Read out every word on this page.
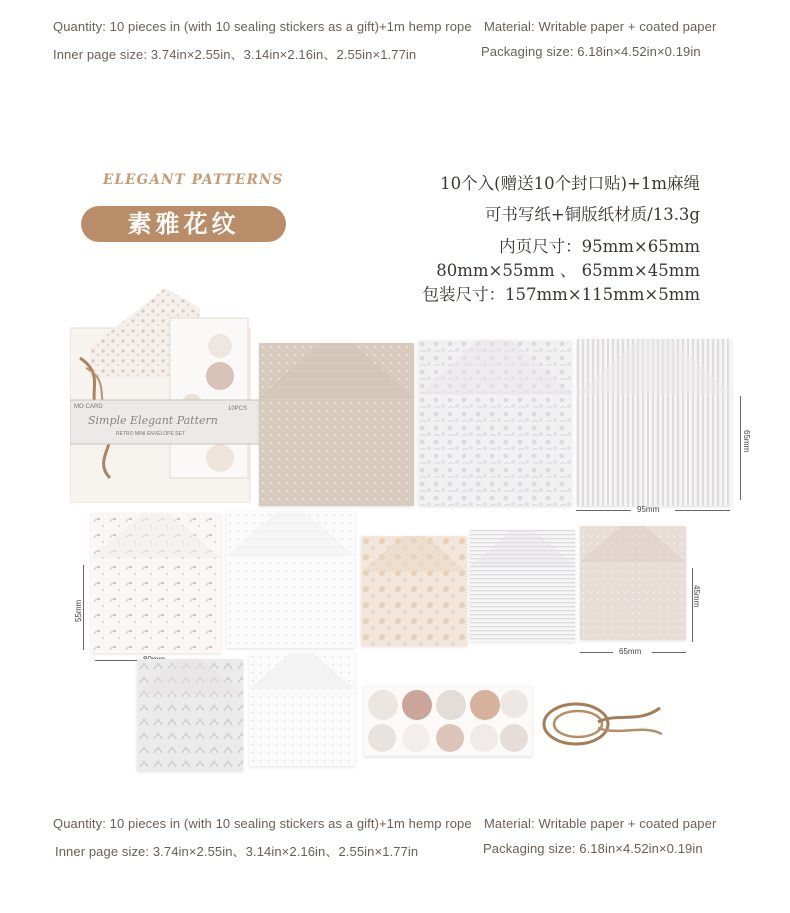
Quantity: 10 pieces in (with 10 sealing stickers as a gift)+1m hemp rope Material: Writable paper + coated paper
Inner page size: 3.74in×2.55in、3.14in×2.16in、2.55in×1.77in	Packaging size: 6.18in×4.52in×0.19in
ELEGANT PATTERNS
素雅花纹
10个入(赠送10个封口贴)+1m麻绳
可书写纸+铜版纸材质/13.3g
内页尺寸：95mm×65mm
80mm×55mm 、 65mm×45mm
包装尺寸：157mm×115mm×5mm
MO·CARD
Simple Elegant Pattern
RETRO MINI ENVELOPE SET
10PCS
65mm
95mm
55mm
45mm
65mm
Quantity: 10 pieces in (with 10 sealing stickers as a gift)+1m hemp rope Material: Writable paper + coated paper
Inner page size: 3.74in×2.55in、3.14in×2.16in、2.55in×1.77in	Packaging size: 6.18in×4.52in×0.19in
